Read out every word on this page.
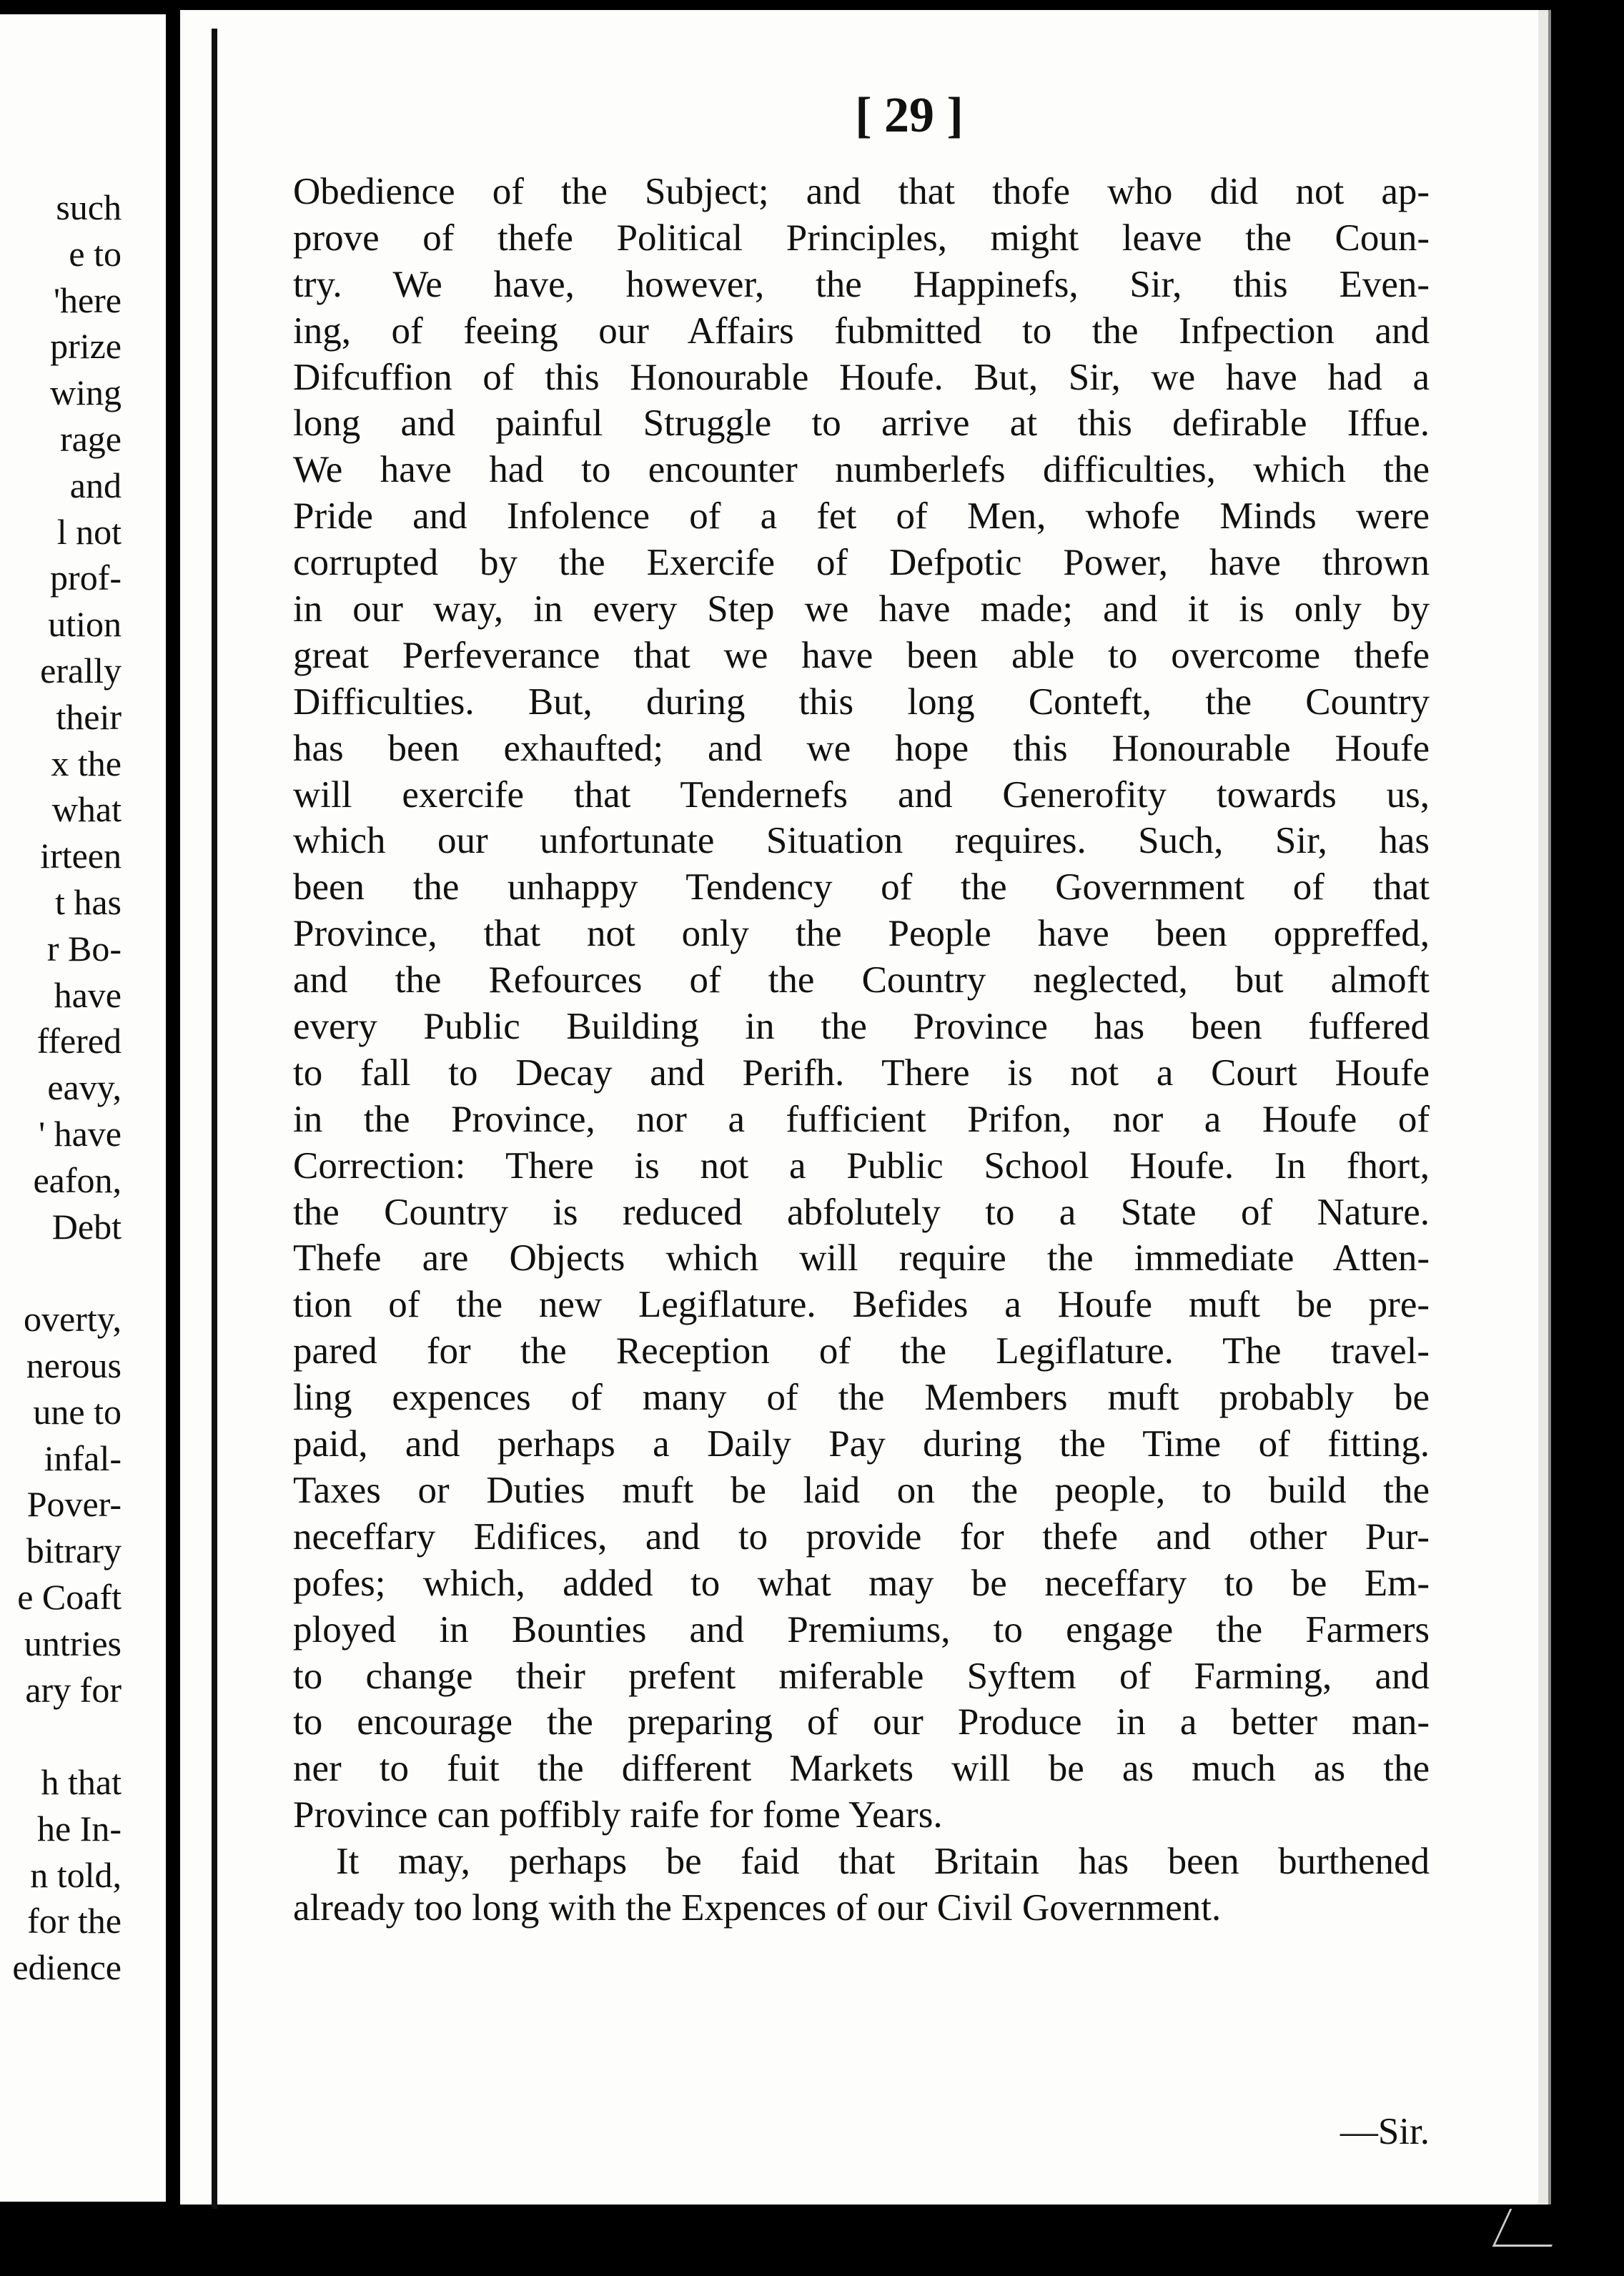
such
e to
'here
prize
wing
rage
and
l not
prof-
ution
erally
their
x the
what
irteen
t has
r Bo-
have
ffered
eavy,
' have
eafon,
Debt
overty,
nerous
une to
infal-
Pover-
bitrary
e Coaft
untries
ary for
h that
he In-
n told,
for the
edience
[ 29 ]
Obedience of the Subject; and that thofe who did not ap-
prove of thefe Political Principles, might leave the Coun-
try. We have, however, the Happinefs, Sir, this Even-
ing, of feeing our Affairs fubmitted to the Infpection and
Difcuffion of this Honourable Houfe. But, Sir, we have had a
long and painful Struggle to arrive at this defirable Iffue.
We have had to encounter numberlefs difficulties, which the
Pride and Infolence of a fet of Men, whofe Minds were
corrupted by the Exercife of Defpotic Power, have thrown
in our way, in every Step we have made; and it is only by
great Perfeverance that we have been able to overcome thefe
Difficulties. But, during this long Conteft, the Country
has been exhaufted; and we hope this Honourable Houfe
will exercife that Tendernefs and Generofity towards us,
which our unfortunate Situation requires. Such, Sir, has
been the unhappy Tendency of the Government of that
Province, that not only the People have been oppreffed,
and the Refources of the Country neglected, but almoft
every Public Building in the Province has been fuffered
to fall to Decay and Perifh. There is not a Court Houfe
in the Province, nor a fufficient Prifon, nor a Houfe of
Correction: There is not a Public School Houfe. In fhort,
the Country is reduced abfolutely to a State of Nature.
Thefe are Objects which will require the immediate Atten-
tion of the new Legiflature. Befides a Houfe muft be pre-
pared for the Reception of the Legiflature. The travel-
ling expences of many of the Members muft probably be
paid, and perhaps a Daily Pay during the Time of fitting.
Taxes or Duties muft be laid on the people, to build the
neceffary Edifices, and to provide for thefe and other Pur-
pofes; which, added to what may be neceffary to be Em-
ployed in Bounties and Premiums, to engage the Farmers
to change their prefent miferable Syftem of Farming, and
to encourage the preparing of our Produce in a better man-
ner to fuit the different Markets will be as much as the
Province can poffibly raife for fome Years.
It may, perhaps be faid that Britain has been burthened
already too long with the Expences of our Civil Government.
—Sir.
